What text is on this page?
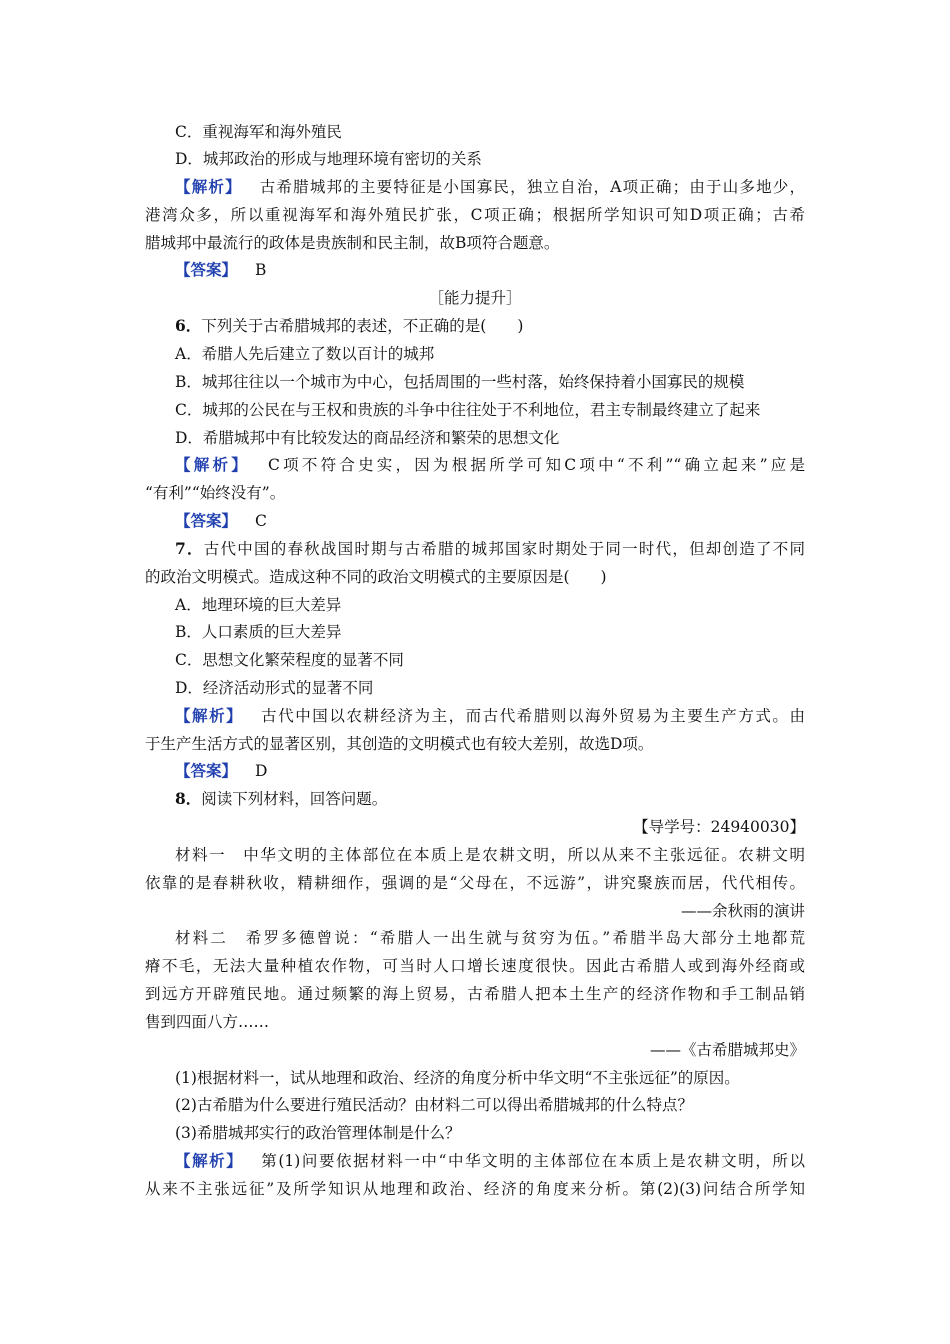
C．重视海军和海外殖民
D．城邦政治的形成与地理环境有密切的关系
【解析】 古希腊城邦的主要特征是小国寡民，独立自治，A项正确；由于山多地少，
港湾众多，所以重视海军和海外殖民扩张，C项正确；根据所学知识可知D项正确；古希
腊城邦中最流行的政体是贵族制和民主制，故B项符合题意。
【答案】 B
［能力提升］
6．下列关于古希腊城邦的表述，不正确的是(　　)
A．希腊人先后建立了数以百计的城邦
B．城邦往往以一个城市为中心，包括周围的一些村落，始终保持着小国寡民的规模
C．城邦的公民在与王权和贵族的斗争中往往处于不利地位，君主专制最终建立了起来
D．希腊城邦中有比较发达的商品经济和繁荣的思想文化
【解析】 C项不符合史实，因为根据所学可知C项中“不利”“确立起来”应是
“有利”“始终没有”。
【答案】 C
7．古代中国的春秋战国时期与古希腊的城邦国家时期处于同一时代，但却创造了不同
的政治文明模式。造成这种不同的政治文明模式的主要原因是(　　)
A．地理环境的巨大差异
B．人口素质的巨大差异
C．思想文化繁荣程度的显著不同
D．经济活动形式的显著不同
【解析】 古代中国以农耕经济为主，而古代希腊则以海外贸易为主要生产方式。由
于生产生活方式的显著区别，其创造的文明模式也有较大差别，故选D项。
【答案】 D
8．阅读下列材料，回答问题。
【导学号：24940030】
材料一　中华文明的主体部位在本质上是农耕文明，所以从来不主张远征。农耕文明
依靠的是春耕秋收，精耕细作，强调的是“父母在，不远游”，讲究聚族而居，代代相传。
——余秋雨的演讲
材料二　希罗多德曾说：“希腊人一出生就与贫穷为伍。”希腊半岛大部分土地都荒
瘠不毛，无法大量种植农作物，可当时人口增长速度很快。因此古希腊人或到海外经商或
到远方开辟殖民地。通过频繁的海上贸易，古希腊人把本土生产的经济作物和手工制品销
售到四面八方……
——《古希腊城邦史》
(1)根据材料一，试从地理和政治、经济的角度分析中华文明“不主张远征”的原因。
(2)古希腊为什么要进行殖民活动？由材料二可以得出希腊城邦的什么特点？
(3)希腊城邦实行的政治管理体制是什么？
【解析】 第(1)问要依据材料一中“中华文明的主体部位在本质上是农耕文明，所以
从来不主张远征”及所学知识从地理和政治、经济的角度来分析。第(2)(3)问结合所学知
